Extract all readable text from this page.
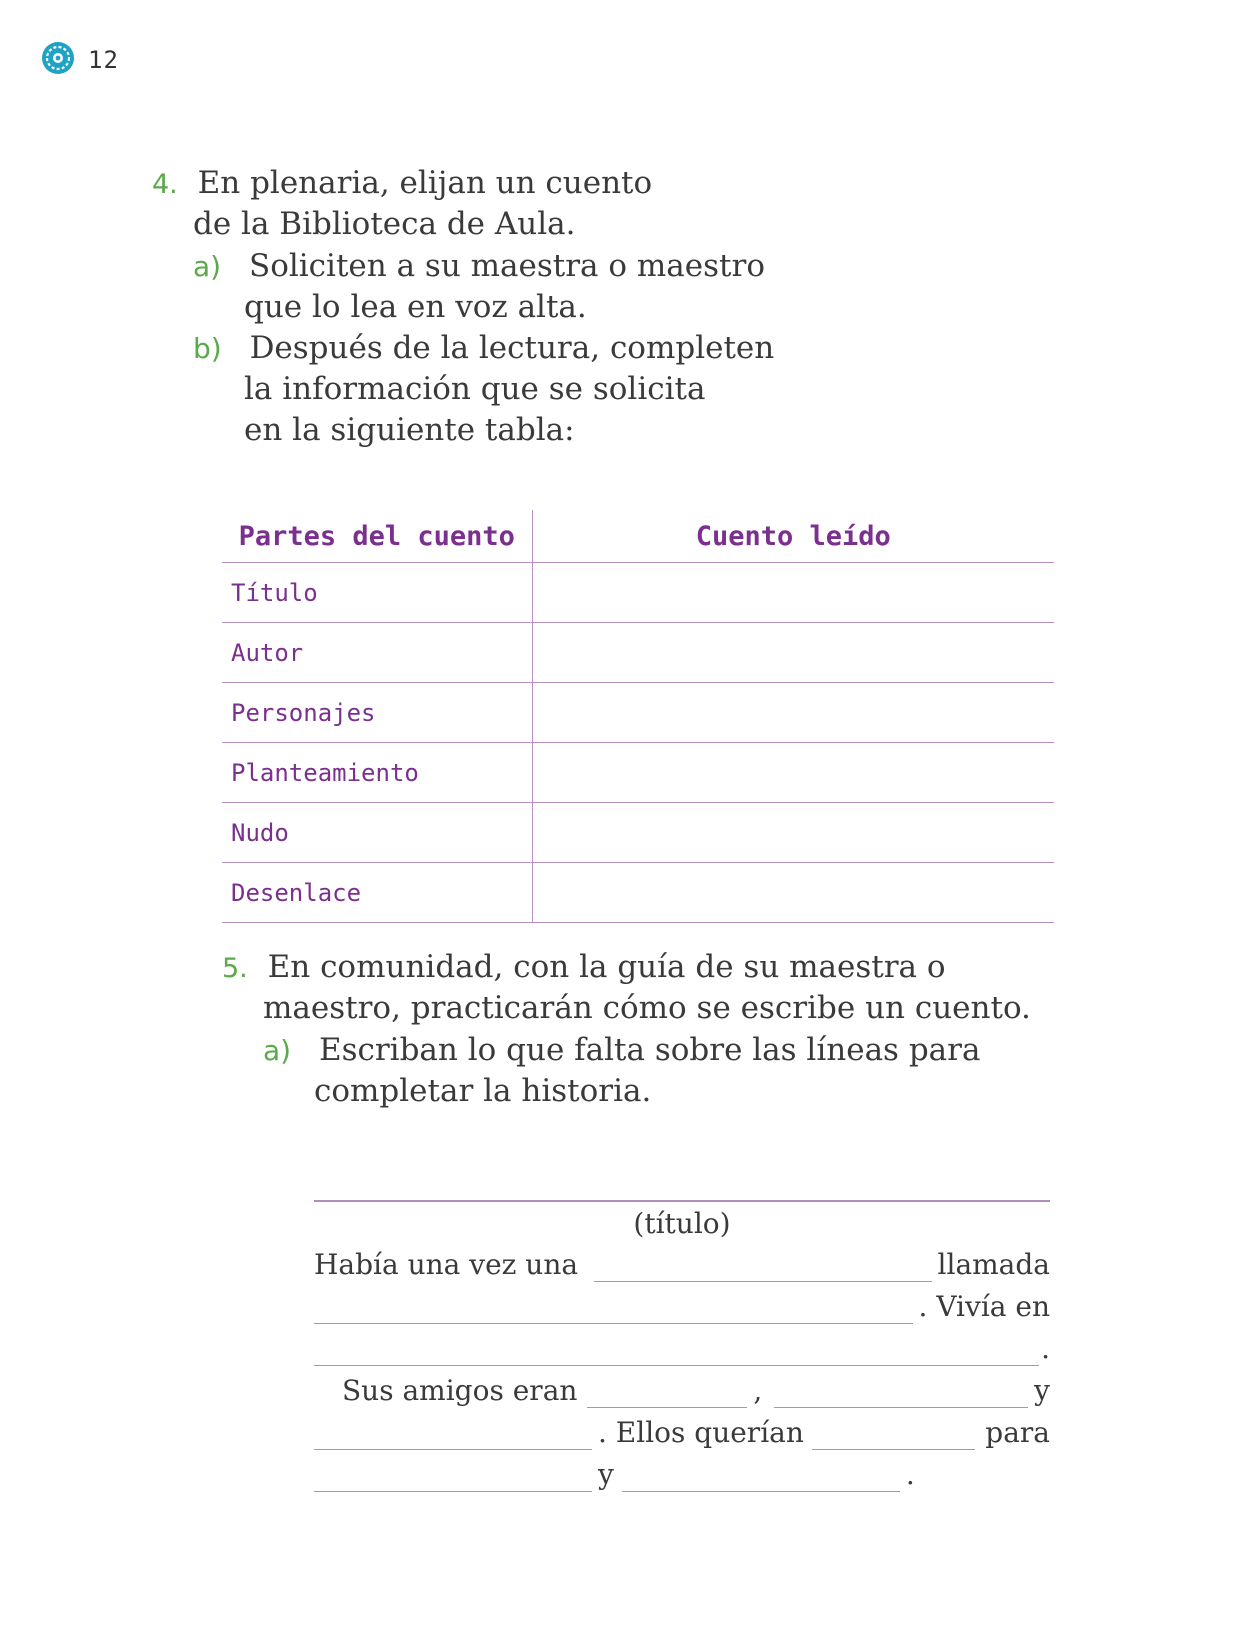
12
4. En plenaria, elijan un cuento
de la Biblioteca de Aula.
a) Soliciten a su maestra o maestro
que lo lea en voz alta.
b) Después de la lectura, completen
la información que se solicita
en la siguiente tabla:
Partes del cuento	Cuento leído
Título	
Autor	
Personajes	
Planteamiento	
Nudo	
Desenlace	
5. En comunidad, con la guía de su maestra o
maestro, practicarán cómo se escribe un cuento.
a) Escriban lo que falta sobre las líneas para
completar la historia.
(título)
Había una vez una	llamada
. Vivía en
.
Sus amigos eran	,	y
. Ellos querían	para
y	.
